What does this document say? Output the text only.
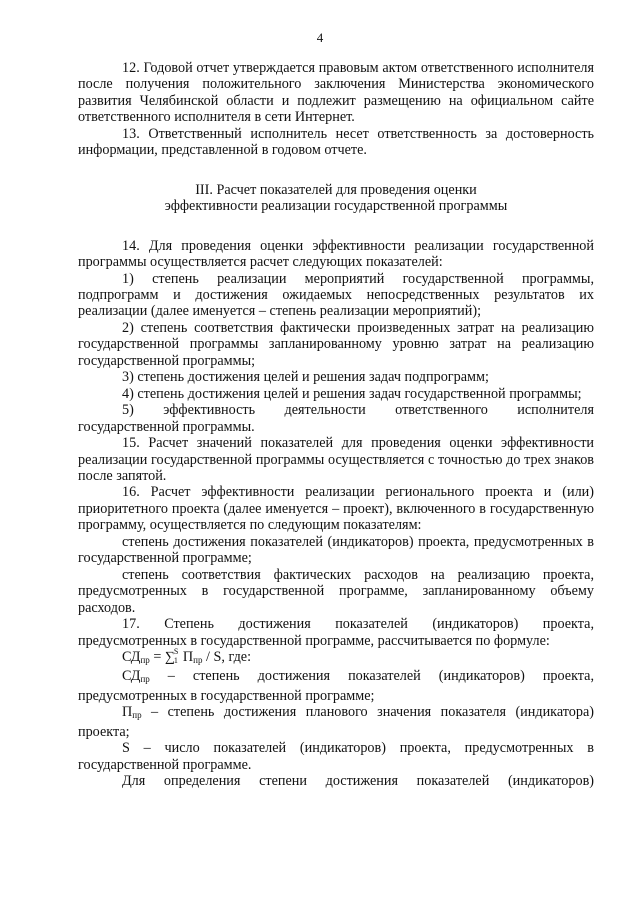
4

12. Годовой отчет утверждается правовым актом ответственного исполнителя после получения положительного заключения Министерства экономического развития Челябинской области и подлежит размещению на официальном сайте ответственного исполнителя в сети Интернет.

13. Ответственный исполнитель несет ответственность за достоверность информации, представленной в годовом отчете.

III. Расчет показателей для проведения оценки

эффективности реализации государственной программы

14. Для проведения оценки эффективности реализации государственной программы осуществляется расчет следующих показателей:

1) степень реализации мероприятий государственной программы, подпрограмм и достижения ожидаемых непосредственных результатов их реализации (далее именуется – степень реализации мероприятий);

2) степень соответствия фактически произведенных затрат на реализацию государственной программы запланированному уровню затрат на реализацию государственной программы;

3) степень достижения целей и решения задач подпрограмм;

4) степень достижения целей и решения задач государственной программы;

5) эффективность деятельности ответственного исполнителя государственной программы.

15. Расчет значений показателей для проведения оценки эффективности реализации государственной программы осуществляется с точностью до трех знаков после запятой.

16. Расчет эффективности реализации регионального проекта и (или) приоритетного проекта (далее именуется – проект), включенного в государственную программу, осуществляется по следующим показателям:

степень достижения показателей (индикаторов) проекта, предусмотренных в государственной программе;

степень соответствия фактических расходов на реализацию проекта, предусмотренных в государственной программе, запланированному объему расходов.

17. Степень достижения показателей (индикаторов) проекта, предусмотренных в государственной программе, рассчитывается по формуле:

$СД_{пр}$ = ∑ S
1 $П_{пр}$ / S, где:

$СД_{пр}$ – степень достижения показателей (индикаторов) проекта, предусмотренных в государственной программе;

$П_{пр}$ – степень достижения планового значения показателя (индикатора) проекта;

S – число показателей (индикаторов) проекта, предусмотренных в государственной программе.

Для определения степени достижения показателей (индикаторов)
